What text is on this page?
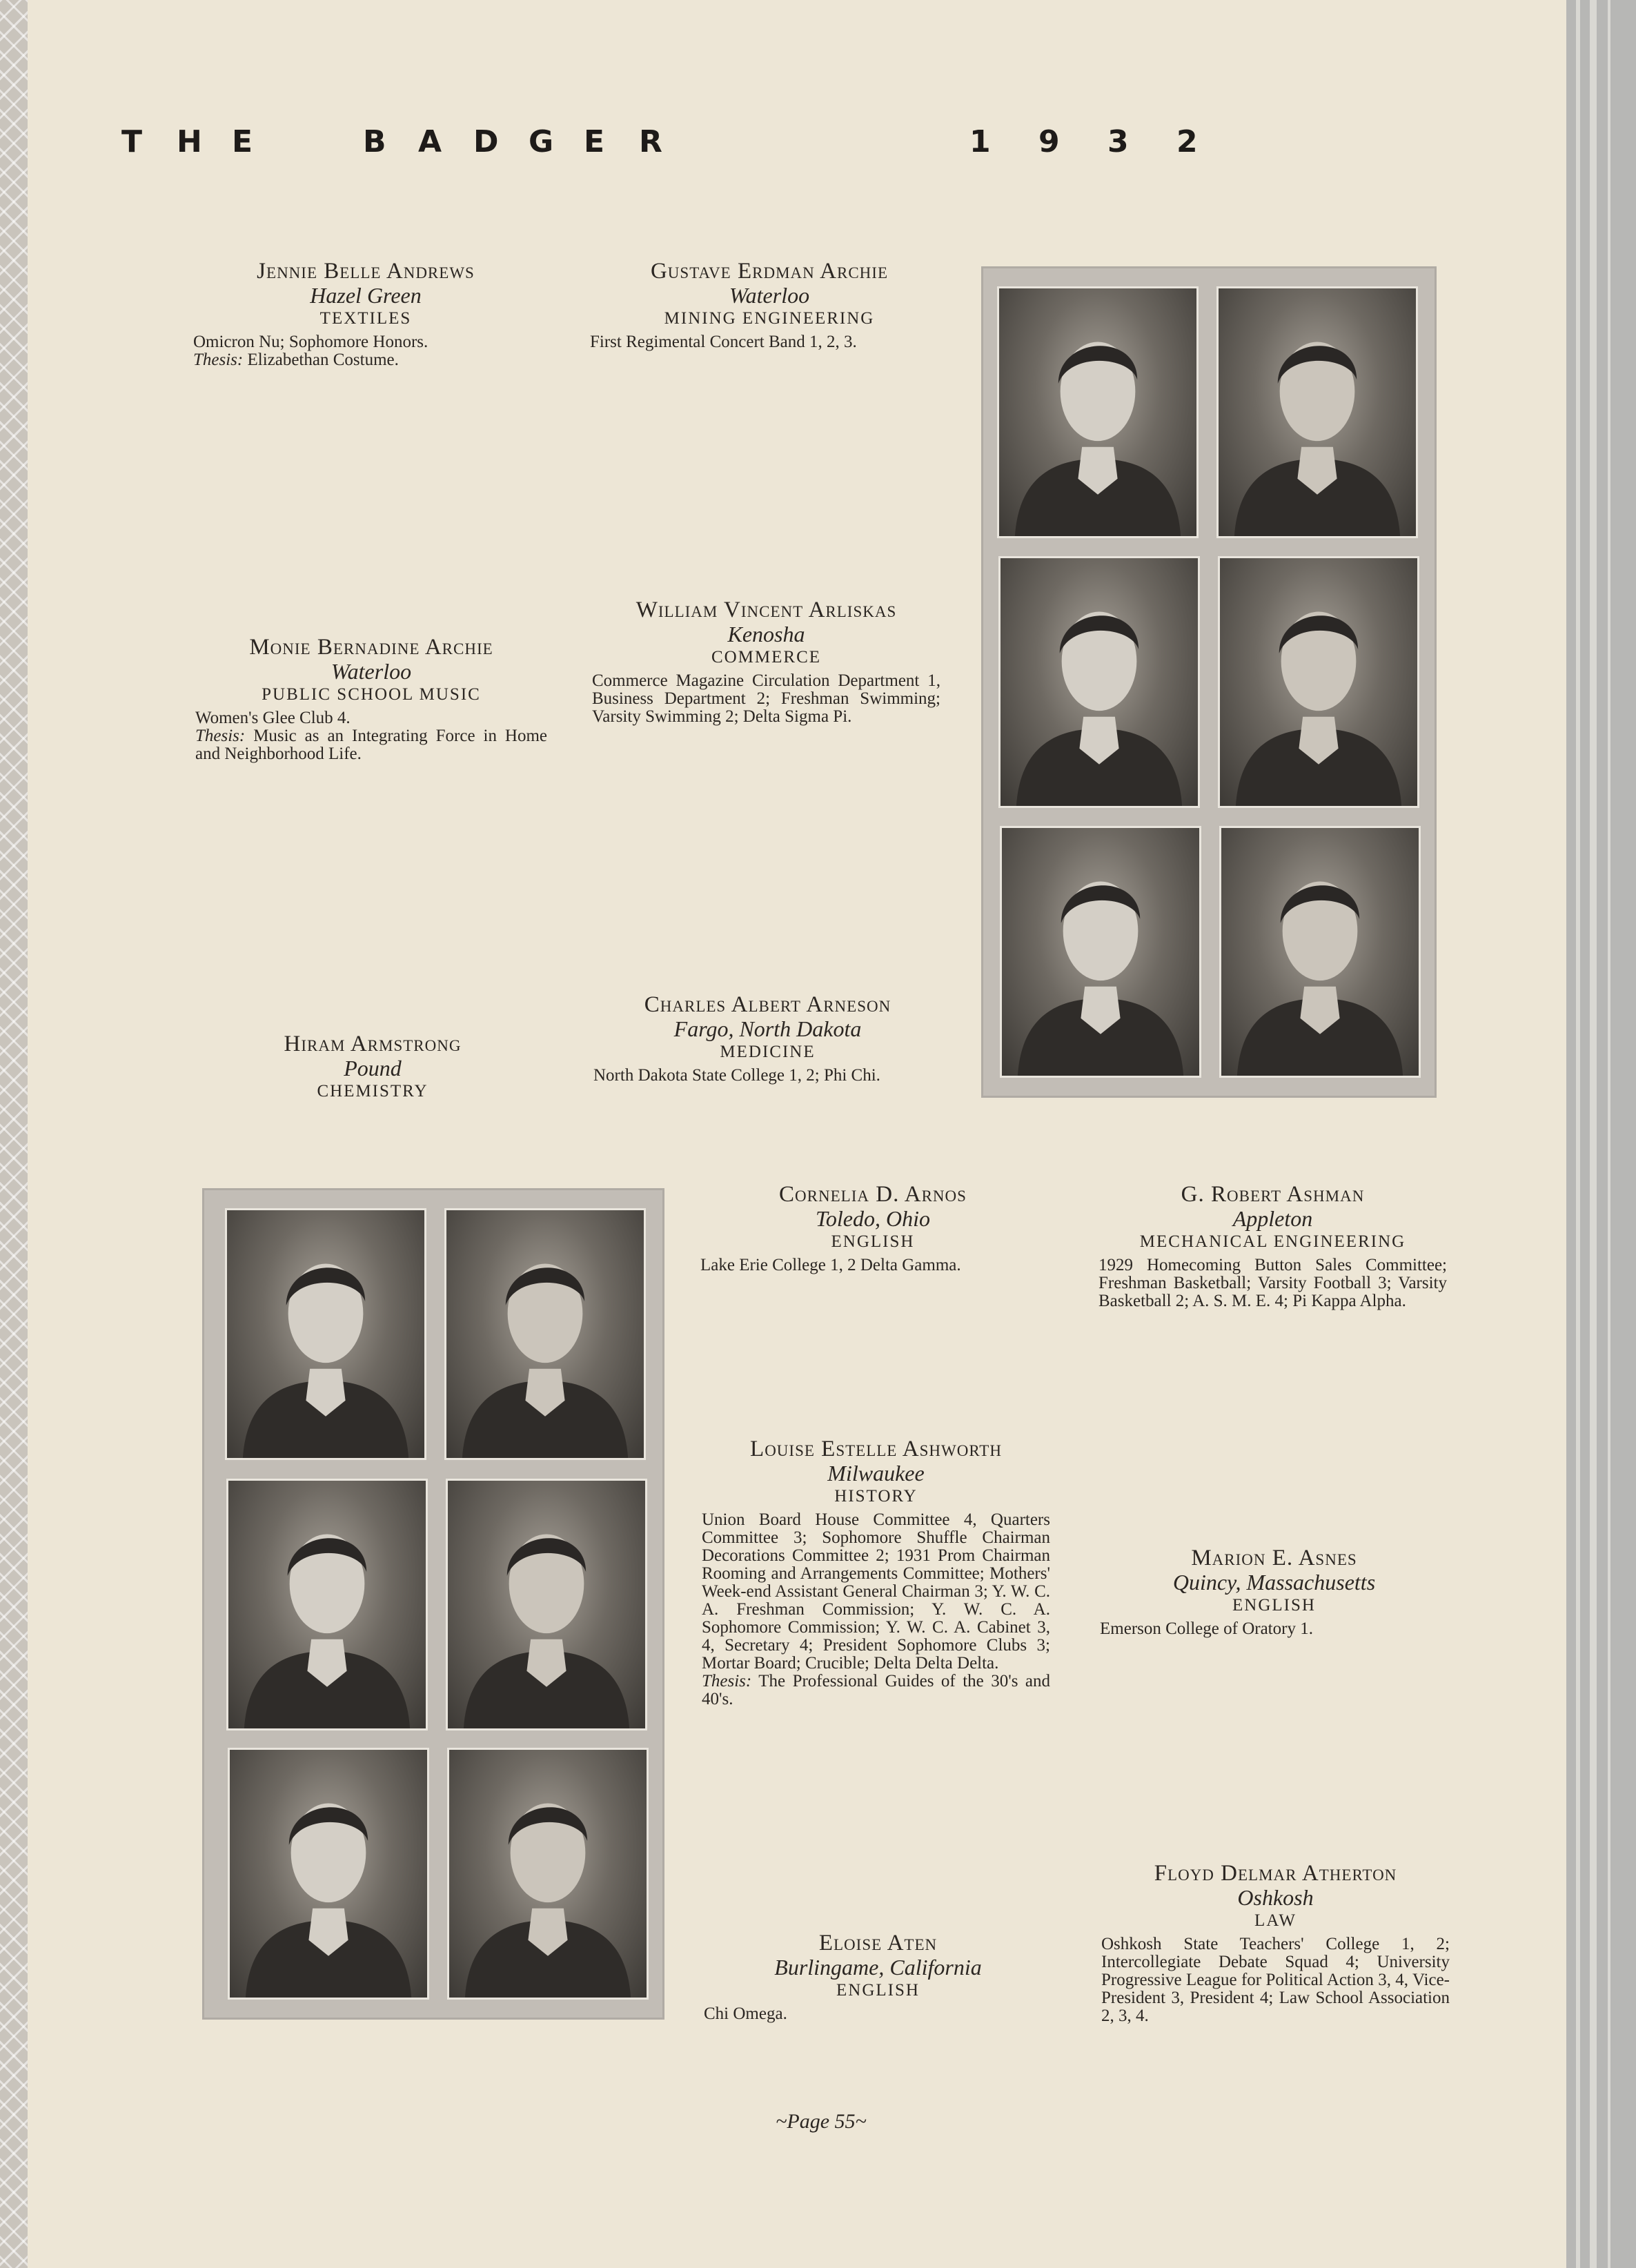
T H E	B A D G E R	1 9 3 2
Jennie Belle Andrews
Hazel Green
TEXTILES
Omicron Nu; Sophomore Honors.
Thesis: Elizabethan Costume.
Gustave Erdman Archie
Waterloo
MINING ENGINEERING
First Regimental Concert Band 1, 2, 3.
Monie Bernadine Archie
Waterloo
PUBLIC SCHOOL MUSIC
Women's Glee Club 4.
Thesis: Music as an Integrating Force in Home and Neighborhood Life.
William Vincent Arliskas
Kenosha
COMMERCE
Commerce Magazine Circulation Department 1, Business Department 2; Freshman Swimming; Varsity Swimming 2; Delta Sigma Pi.
Hiram Armstrong
Pound
CHEMISTRY
Charles Albert Arneson
Fargo, North Dakota
MEDICINE
North Dakota State College 1, 2; Phi Chi.
Cornelia D. Arnos
Toledo, Ohio
ENGLISH
Lake Erie College 1, 2 Delta Gamma.
G. Robert Ashman
Appleton
MECHANICAL ENGINEERING
1929 Homecoming Button Sales Committee; Freshman Basketball; Varsity Football 3; Varsity Basketball 2; A. S. M. E. 4; Pi Kappa Alpha.
Louise Estelle Ashworth
Milwaukee
HISTORY
Union Board House Committee 4, Quarters Committee 3; Sophomore Shuffle Chairman Decorations Committee 2; 1931 Prom Chairman Rooming and Arrangements Committee; Mothers' Week-end Assistant General Chairman 3; Y. W. C. A. Freshman Commission; Y. W. C. A. Sophomore Commission; Y. W. C. A. Cabinet 3, 4, Secretary 4; President Sophomore Clubs 3; Mortar Board; Crucible; Delta Delta Delta.
Thesis: The Professional Guides of the 30's and 40's.
Marion E. Asnes
Quincy, Massachusetts
ENGLISH
Emerson College of Oratory 1.
Eloise Aten
Burlingame, California
ENGLISH
Chi Omega.
Floyd Delmar Atherton
Oshkosh
LAW
Oshkosh State Teachers' College 1, 2; Intercollegiate Debate Squad 4; University Progressive League for Political Action 3, 4, Vice-President 3, President 4; Law School Association 2, 3, 4.
~Page 55~
